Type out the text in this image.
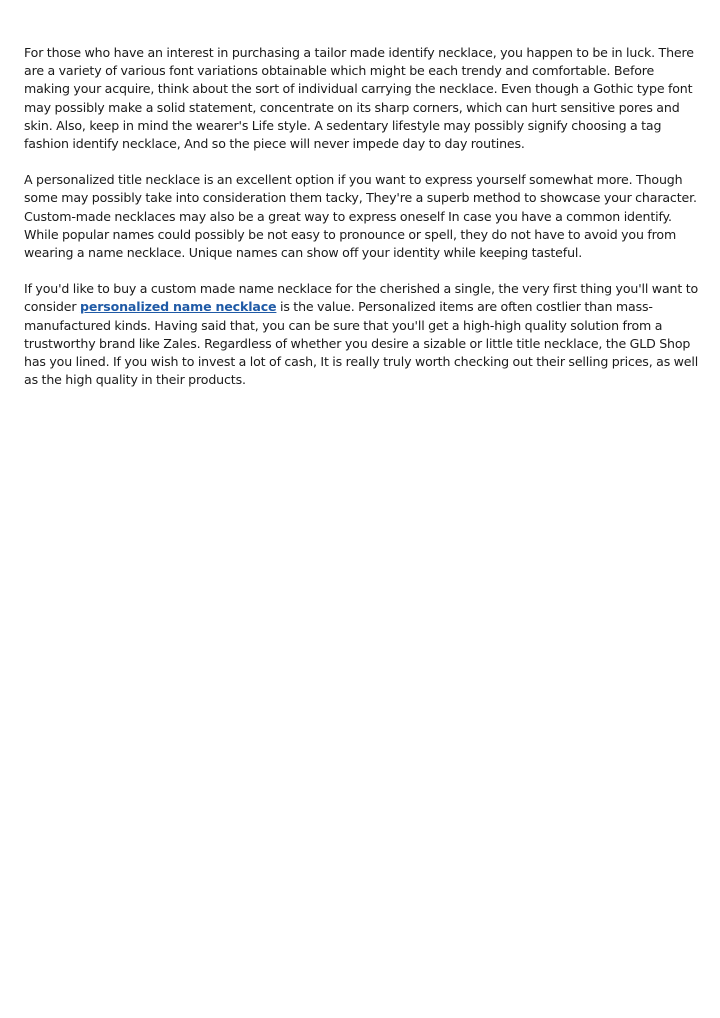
For those who have an interest in purchasing a tailor made identify necklace, you happen to be in luck. There are a variety of various font variations obtainable which might be each trendy and comfortable. Before making your acquire, think about the sort of individual carrying the necklace. Even though a Gothic type font may possibly make a solid statement, concentrate on its sharp corners, which can hurt sensitive pores and skin. Also, keep in mind the wearer's Life style. A sedentary lifestyle may possibly signify choosing a tag fashion identify necklace, And so the piece will never impede day to day routines.

A personalized title necklace is an excellent option if you want to express yourself somewhat more. Though some may possibly take into consideration them tacky, They're a superb method to showcase your character. Custom-made necklaces may also be a great way to express oneself In case you have a common identify. While popular names could possibly be not easy to pronounce or spell, they do not have to avoid you from wearing a name necklace. Unique names can show off your identity while keeping tasteful.

If you'd like to buy a custom made name necklace for the cherished a single, the very first thing you'll want to consider personalized name necklace is the value. Personalized items are often costlier than mass-manufactured kinds. Having said that, you can be sure that you'll get a high-high quality solution from a trustworthy brand like Zales. Regardless of whether you desire a sizable or little title necklace, the GLD Shop has you lined. If you wish to invest a lot of cash, It is really truly worth checking out their selling prices, as well as the high quality in their products.
